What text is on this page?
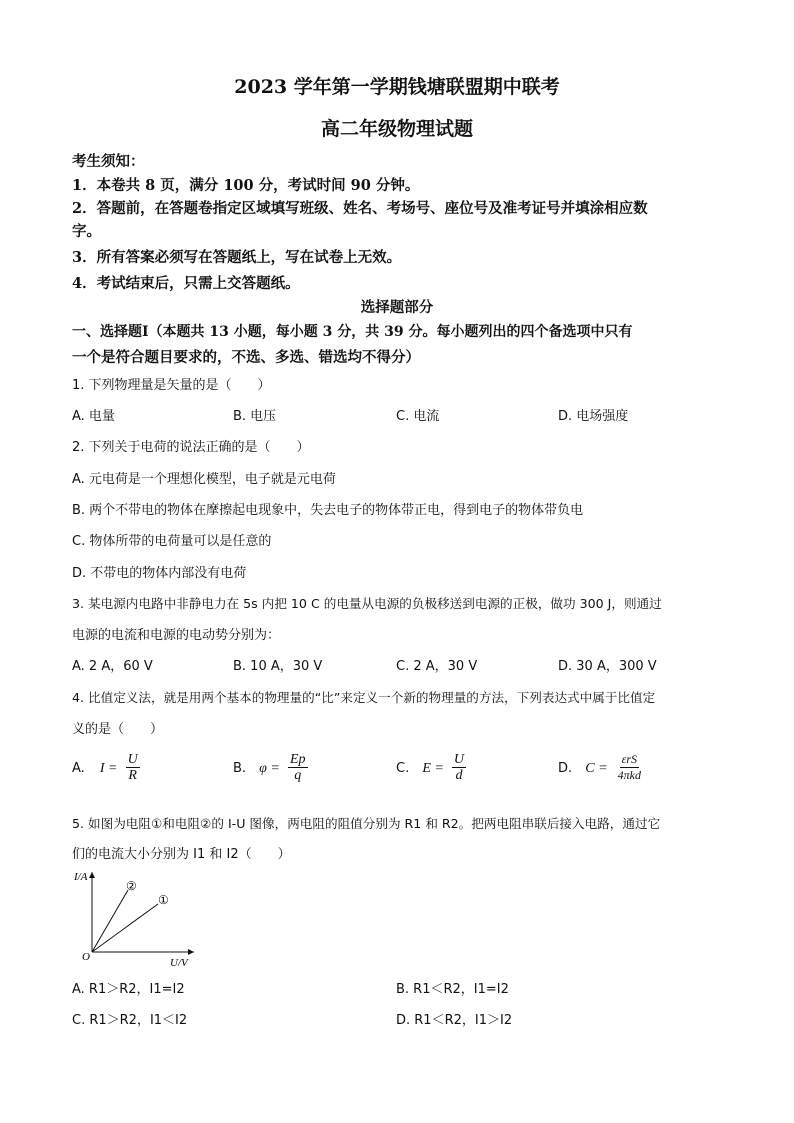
2023 学年第一学期钱塘联盟期中联考
高二年级物理试题
考生须知：
1．本卷共 8 页，满分 100 分，考试时间 90 分钟。
2．答题前，在答题卷指定区域填写班级、姓名、考场号、座位号及准考证号并填涂相应数
字。
3．所有答案必须写在答题纸上，写在试卷上无效。
4．考试结束后，只需上交答题纸。
选择题部分
一、选择题Ⅰ（本题共 13 小题，每小题 3 分，共 39 分。每小题列出的四个备选项中只有
一个是符合题目要求的，不选、多选、错选均不得分）
1. 下列物理量是矢量的是（　　）
A. 电量	B. 电压	C. 电流	D. 电场强度
2. 下列关于电荷的说法正确的是（　　）
A. 元电荷是一个理想化模型，电子就是元电荷
B. 两个不带电的物体在摩擦起电现象中，失去电子的物体带正电，得到电子的物体带负电
C. 物体所带的电荷量可以是任意的
D. 不带电的物体内部没有电荷
3. 某电源内电路中非静电力在 5s 内把 10 C 的电量从电源的负极移送到电源的正极，做功 300 J，则通过
电源的电流和电源的电动势分别为：
A. 2 A，60 V	B. 10 A，30 V	C. 2 A，30 V	D. 30 A，300 V
4. 比值定义法，就是用两个基本的物理量的“比”来定义一个新的物理量的方法，下列表达式中属于比值定
义的是（　　）
A. $I = \frac{U}{R}$	B. $\varphi = \frac{Ep}{q}$	C. $E = \frac{U}{d}$	D. $C = \frac{\text{εrS}}{\text{4πkd}}$
5. 如图为电阻①和电阻②的 I-U 图像，两电阻的阻值分别为 R1 和 R2。把两电阻串联后接入电路，通过它
们的电流大小分别为 I1 和 I2（　　）
I/A
U/V
O
②
①
A. R1＞R2，I1=I2	B. R1＜R2，I1=I2
C. R1＞R2，I1＜I2	D. R1＜R2，I1＞I2
